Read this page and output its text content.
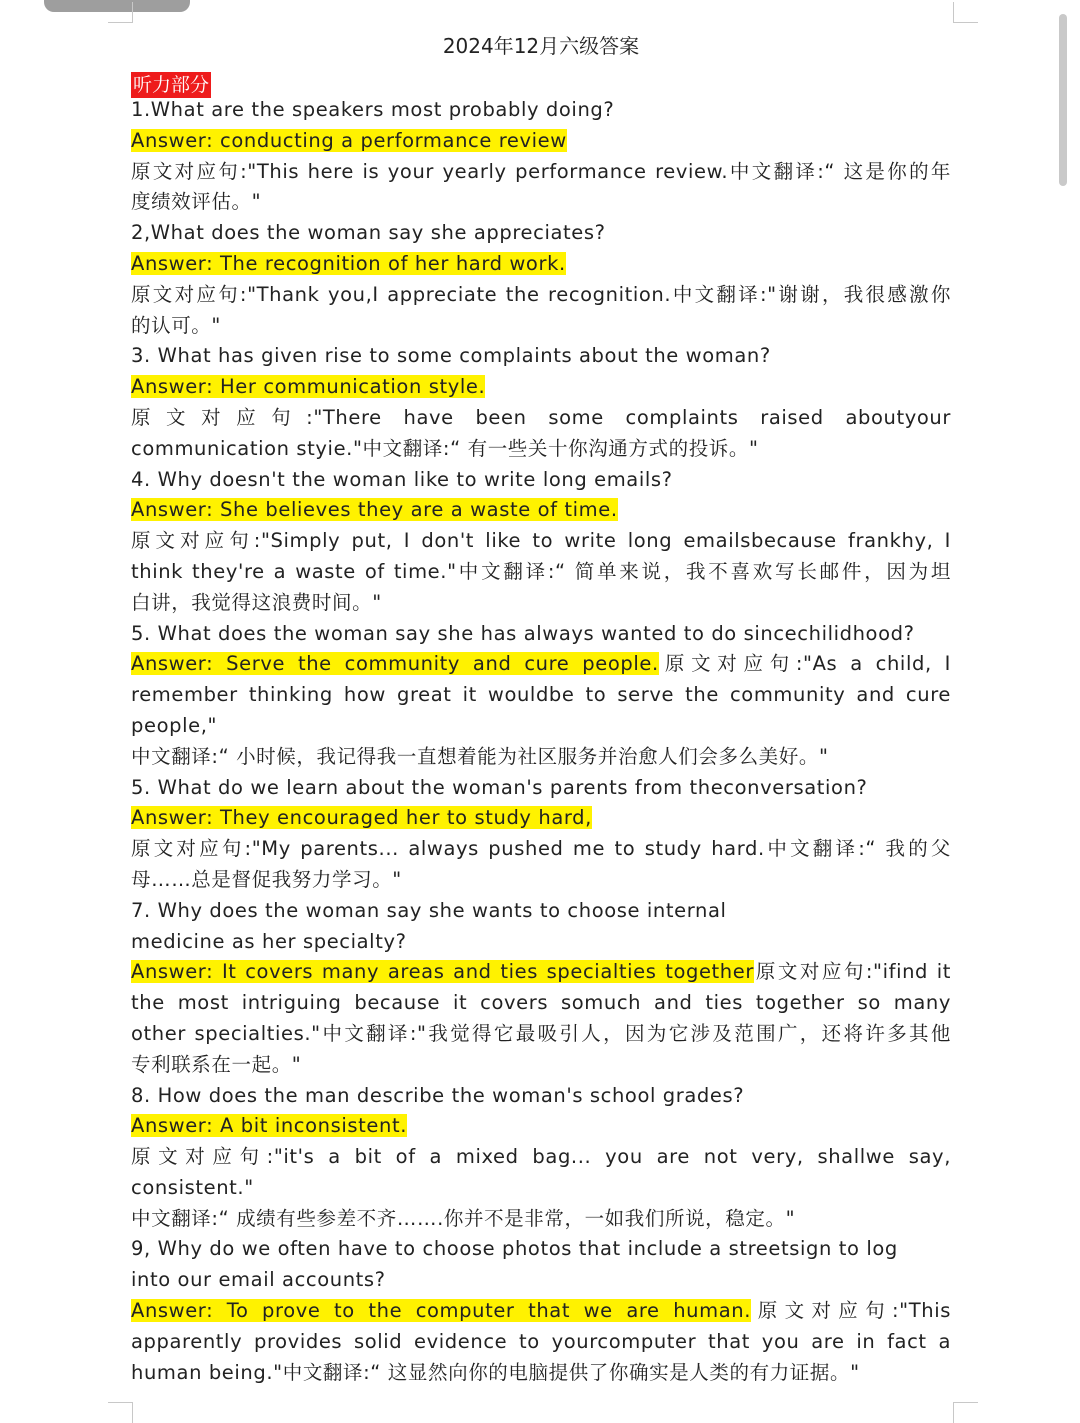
2024年12月六级答案
听力部分
1.What are the speakers most probably doing?
Answer: conducting a performance review
原文对应句:"This here is your yearly performance review.中文翻译:“ 这是你的年
度绩效评估。"
2,What does the woman say she appreciates?
Answer: The recognition of her hard work.
原文对应句:"Thank you,I appreciate the recognition.中文翻译:"谢谢，我很感激你
的认可。"
3. What has given rise to some complaints about the woman?
Answer: Her communication style.
原文对应句:"There have been some complaints raised aboutyour
communication styie."中文翻译:“ 有一些关十你沟通方式的投诉。"
4. Why doesn't the woman like to write long emails?
Answer: She believes they are a waste of time.
原文对应句:"Simply put, I don't like to write long emailsbecause frankhy, I
think they're a waste of time."中文翻译:“ 简单来说，我不喜欢写长邮件，因为坦
白讲，我觉得这浪费时间。"
5. What does the woman say she has always wanted to do sincechilidhood?
Answer: Serve the community and cure people.原文对应句:"As a child, I
remember thinking how great it wouldbe to serve the community and cure
people,"
中文翻译:“ 小时候，我记得我一直想着能为社区服务并治愈人们会多么美好。"
5. What do we learn about the woman's parents from theconversation?
Answer: They encouraged her to study hard,
原文对应句:"My parents... always pushed me to study hard.中文翻译:“ 我的父
母……总是督促我努力学习。"
7. Why does the woman say she wants to choose internal
medicine as her specialty?
Answer: It covers many areas and ties specialties together原文对应句:"ifind it
the most intriguing because it covers somuch and ties together so many
other specialties."中文翻译:"我觉得它最吸引人，因为它涉及范围广，还将许多其他
专利联系在一起。"
8. How does the man describe the woman's school grades?
Answer: A bit inconsistent.
原文对应句:"it's a bit of a mixed bag... you are not very, shallwe say,
consistent."
中文翻译:“ 成绩有些参差不齐…….你并不是非常，一如我们所说，稳定。"
9, Why do we often have to choose photos that include a streetsign to log
into our email accounts?
Answer: To prove to the computer that we are human.原文对应句:"This
apparently provides solid evidence to yourcomputer that you are in fact a
human being."中文翻译:“ 这显然向你的电脑提供了你确实是人类的有力证据。"
